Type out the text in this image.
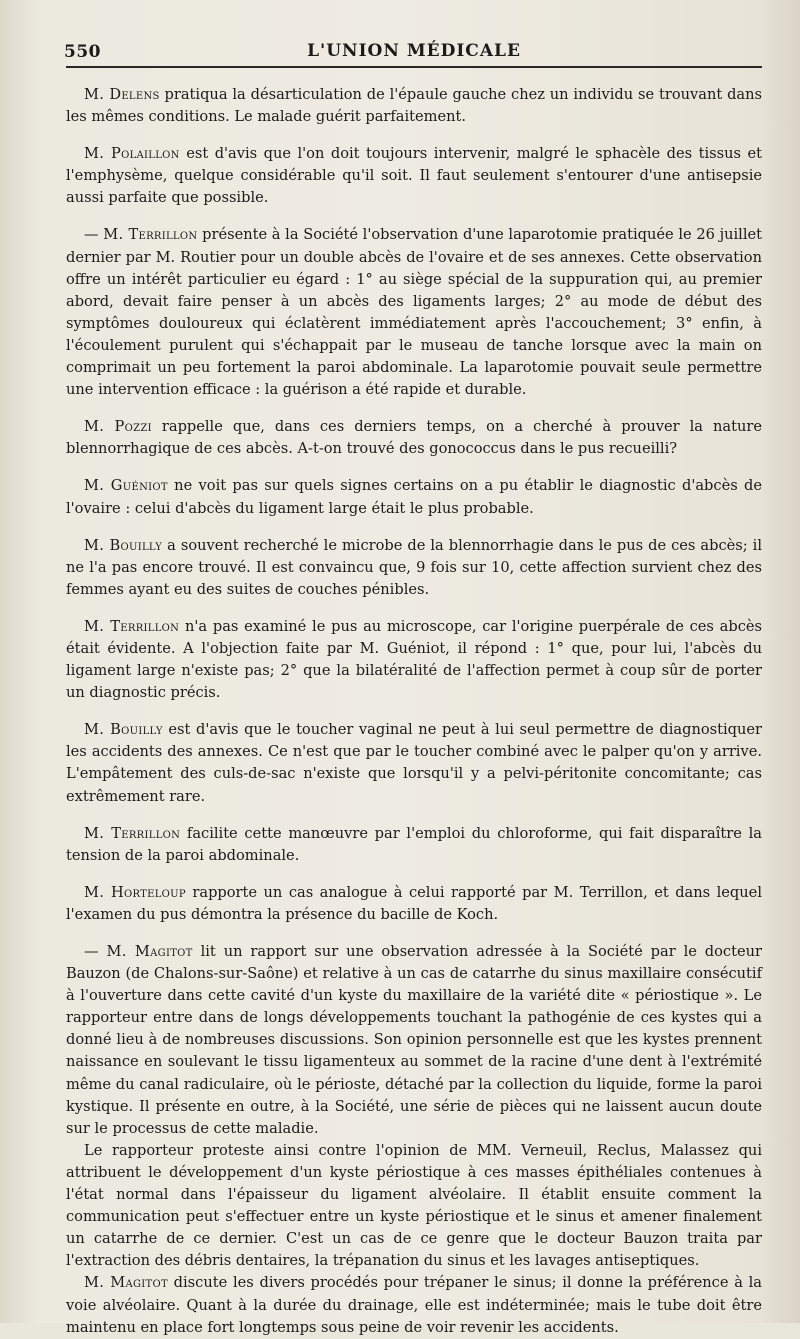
550	L'UNION MÉDICALE

M. Delens pratiqua la désarticulation de l'épaule gauche chez un individu se trouvant dans les mêmes conditions. Le malade guérit parfaitement.

M. Polaillon est d'avis que l'on doit toujours intervenir, malgré le sphacèle des tissus et l'emphysème, quelque considérable qu'il soit. Il faut seulement s'entourer d'une antisepsie aussi parfaite que possible.

— M. Terrillon présente à la Société l'observation d'une laparotomie pratiquée le 26 juillet dernier par M. Routier pour un double abcès de l'ovaire et de ses annexes. Cette observation offre un intérêt particulier eu égard : 1° au siège spécial de la suppuration qui, au premier abord, devait faire penser à un abcès des ligaments larges; 2° au mode de début des symptômes douloureux qui éclatèrent immédiatement après l'accouchement; 3° enfin, à l'écoulement purulent qui s'échappait par le museau de tanche lorsque avec la main on comprimait un peu fortement la paroi abdominale. La laparotomie pouvait seule permettre une intervention efficace : la guérison a été rapide et durable.

M. Pozzi rappelle que, dans ces derniers temps, on a cherché à prouver la nature blennorrhagique de ces abcès. A-t-on trouvé des gonococcus dans le pus recueilli?

M. Guéniot ne voit pas sur quels signes certains on a pu établir le diagnostic d'abcès de l'ovaire : celui d'abcès du ligament large était le plus probable.

M. Bouilly a souvent recherché le microbe de la blennorrhagie dans le pus de ces abcès; il ne l'a pas encore trouvé. Il est convaincu que, 9 fois sur 10, cette affection survient chez des femmes ayant eu des suites de couches pénibles.

M. Terrillon n'a pas examiné le pus au microscope, car l'origine puerpérale de ces abcès était évidente. A l'objection faite par M. Guéniot, il répond : 1° que, pour lui, l'abcès du ligament large n'existe pas; 2° que la bilatéralité de l'affection permet à coup sûr de porter un diagnostic précis.

M. Bouilly est d'avis que le toucher vaginal ne peut à lui seul permettre de diagnostiquer les accidents des annexes. Ce n'est que par le toucher combiné avec le palper qu'on y arrive. L'empâtement des culs-de-sac n'existe que lorsqu'il y a pelvi-péritonite concomitante; cas extrêmement rare.

M. Terrillon facilite cette manœuvre par l'emploi du chloroforme, qui fait disparaître la tension de la paroi abdominale.

M. Horteloup rapporte un cas analogue à celui rapporté par M. Terrillon, et dans lequel l'examen du pus démontra la présence du bacille de Koch.

— M. Magitot lit un rapport sur une observation adressée à la Société par le docteur Bauzon (de Chalons-sur-Saône) et relative à un cas de catarrhe du sinus maxillaire consécutif à l'ouverture dans cette cavité d'un kyste du maxillaire de la variété dite « périostique ». Le rapporteur entre dans de longs développements touchant la pathogénie de ces kystes qui a donné lieu à de nombreuses discussions. Son opinion personnelle est que les kystes prennent naissance en soulevant le tissu ligamenteux au sommet de la racine d'une dent à l'extrémité même du canal radiculaire, où le périoste, détaché par la collection du liquide, forme la paroi kystique. Il présente en outre, à la Société, une série de pièces qui ne laissent aucun doute sur le processus de cette maladie.

Le rapporteur proteste ainsi contre l'opinion de MM. Verneuil, Reclus, Malassez qui attribuent le développement d'un kyste périostique à ces masses épithéliales contenues à l'état normal dans l'épaisseur du ligament alvéolaire. Il établit ensuite comment la communication peut s'effectuer entre un kyste périostique et le sinus et amener finalement un catarrhe de ce dernier. C'est un cas de ce genre que le docteur Bauzon traita par l'extraction des débris dentaires, la trépanation du sinus et les lavages antiseptiques.

M. Magitot discute les divers procédés pour trépaner le sinus; il donne la préférence à la voie alvéolaire. Quant à la durée du drainage, elle est indéterminée; mais le tube doit être maintenu en place fort longtemps sous peine de voir revenir les accidents.
